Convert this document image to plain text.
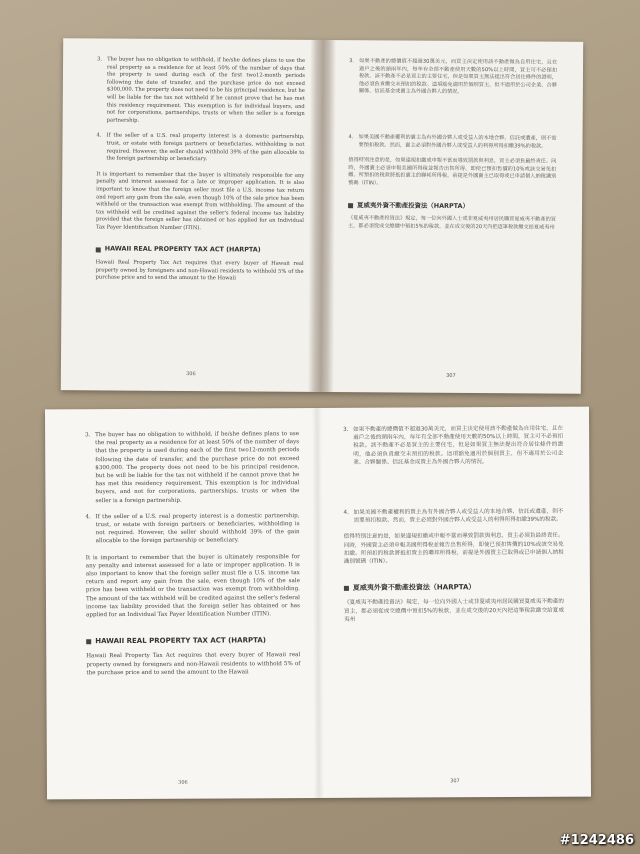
3. The buyer has no obligation to withhold, if he/she defines plans to use the real property as a residence for at least 50% of the number of days that the property is used during each of the first two12-month periods following the date of transfer, and the purchase price do not exceed $300,000. The property does not need to be his principal residence, but he will be liable for the tax not withheld if he cannot prove that he has met this residency requirement. This exemption is for individual buyers, and not for corporations, partnerships, trusts or when the seller is a foreign partnership.
4. If the seller of a U.S. real property interest is a domestic partnership, trust, or estate with foreign partners or beneficiaries, withholding is not required. However, the seller should withhold 39% of the gain allocable to the foreign partnership or beneficiary.
It is important to remember that the buyer is ultimately responsible for any penalty and interest assessed for a late or improper application. It is also important to know that the foreign seller must file a U.S. income tax return and report any gain from the sale, even though 10% of the sale price has been withheld or the transaction was exempt from withholding. The amount of the tax withheld will be credited against the seller's federal income tax liability provided that the foreign seller has obtained or has applied for an Individual Tax Payer Identification Number (ITIN).
HAWAII REAL PROPERTY TAX ACT (HARPTA)
Hawaii Real Property Tax Act requires that every buyer of Hawaii real property owned by foreigners and non-Hawaii residents to withhold 5% of the purchase price and to send the amount to the Hawaii
306
3. 如果不動產的總價值不超過30萬美元，而買主決定使用該不動產做為自用住宅，且在過戶之後的頭兩年內，每年有全部不動產使用天數的50%以上時間，買主可不必預扣稅款。該不動產不必是買主的主要住宅，但是如果買主無法提出符合居住條件的證明，他必須負責繳交未預扣的稅款。這項豁免適用於個別買主，但不適用於公司企業、合夥關係、信託基金或賣主為外國合夥人的情況。
4. 如果美國不動產權利的賣主為有外國合夥人或受益人的本地合夥、信託或遺產，則不需要預扣稅款。然而，賣主必須對外國合夥人或受益人的利得所得扣繳39%的稅款。
值得特別注意的是，如果違規扣繳或申報不當而導致罰款與利息，買主必須負最終責任。同時，外國賣主必須申報美國所得稅並報告出售所得，即使已預扣售價的10%或該交易免扣繳。所預扣的稅款將抵扣賣主的聯邦所得稅，前提是外國賣主已取得或已申請個人納稅識別號碼（ITIN）。
夏威夷外資不動產投資法（HARPTA）
《夏威夷不動產投資法》規定，每一位向外國人士或非夏威夷州居民購買夏威夷不動產的買主，都必須從成交總價中預扣5%的稅款，並在成交後的20天內把這筆稅款繳交給夏威夷州
307
3. The buyer has no obligation to withhold, if he/she defines plans to use the real property as a residence for at least 50% of the number of days that the property is used during each of the first two12-month periods following the date of transfer, and the purchase price do not exceed $300,000. The property does not need to be his principal residence, but he will be liable for the tax not withheld if he cannot prove that he has met this residency requirement. This exemption is for individual buyers, and not for corporations, partnerships, trusts or when the seller is a foreign partnership.
4. If the seller of a U.S. real property interest is a domestic partnership, trust, or estate with foreign partners or beneficiaries, withholding is not required. However, the seller should withhold 39% of the gain allocable to the foreign partnership or beneficiary.
It is important to remember that the buyer is ultimately responsible for any penalty and interest assessed for a late or improper application. It is also important to know that the foreign seller must file a U.S. income tax return and report any gain from the sale, even though 10% of the sale price has been withheld or the transaction was exempt from withholding. The amount of the tax withheld will be credited against the seller's federal income tax liability provided that the foreign seller has obtained or has applied for an Individual Tax Payer Identification Number (ITIN).
HAWAII REAL PROPERTY TAX ACT (HARPTA)
Hawaii Real Property Tax Act requires that every buyer of Hawaii real property owned by foreigners and non-Hawaii residents to withhold 5% of the purchase price and to send the amount to the Hawaii
306
3. 如果不動產的總價值不超過30萬美元，而買主決定使用該不動產做為自用住宅，且在過戶之後的頭兩年內，每年有全部不動產使用天數的50%以上時間，買主可不必預扣稅款。該不動產不必是買主的主要住宅，但是如果買主無法提出符合居住條件的證明，他必須負責繳交未預扣的稅款。這項豁免適用於個別買主，但不適用於公司企業、合夥關係、信託基金或賣主為外國合夥人的情況。
4. 如果美國不動產權利的賣主為有外國合夥人或受益人的本地合夥、信託或遺產，則不需要預扣稅款。然而，賣主必須對外國合夥人或受益人的利得所得扣繳39%的稅款。
值得特別注意的是，如果違規扣繳或申報不當而導致罰款與利息，買主必須負最終責任。同時，外國賣主必須申報美國所得稅並報告出售所得，即使已預扣售價的10%或該交易免扣繳。所預扣的稅款將抵扣賣主的聯邦所得稅，前提是外國賣主已取得或已申請個人納稅識別號碼（ITIN）。
夏威夷外資不動產投資法（HARPTA）
《夏威夷不動產投資法》規定，每一位向外國人士或非夏威夷州居民購買夏威夷不動產的買主，都必須從成交總價中預扣5%的稅款，並在成交後的20天內把這筆稅款繳交給夏威夷州
307
#1242486
